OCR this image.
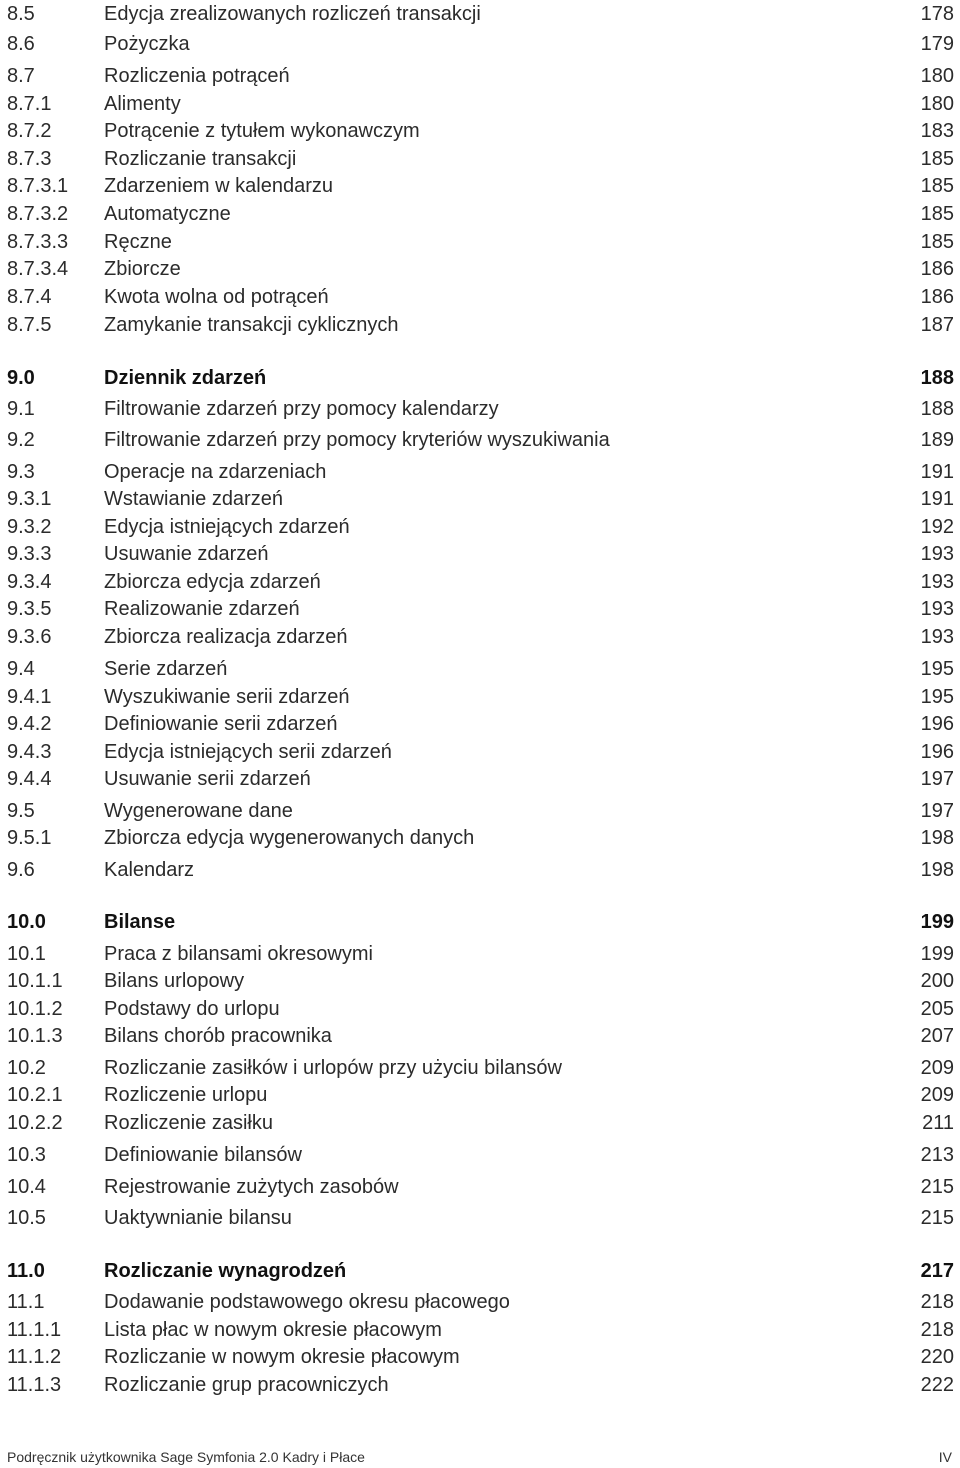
8.5	Edycja zrealizowanych rozliczeń transakcji	178
8.6	Pożyczka	179
8.7	Rozliczenia potrąceń	180
8.7.1	Alimenty	180
8.7.2	Potrącenie z tytułem wykonawczym	183
8.7.3	Rozliczanie transakcji	185
8.7.3.1 Zdarzeniem w kalendarzu	185
8.7.3.2 Automatyczne	185
8.7.3.3 Ręczne	185
8.7.3.4 Zbiorcze	186
8.7.4	Kwota wolna od potrąceń	186
8.7.5	Zamykanie transakcji cyklicznych	187
9.0	Dziennik zdarzeń	188
9.1	Filtrowanie zdarzeń przy pomocy kalendarzy	188
9.2	Filtrowanie zdarzeń przy pomocy kryteriów wyszukiwania	189
9.3	Operacje na zdarzeniach	191
9.3.1	Wstawianie zdarzeń	191
9.3.2	Edycja istniejących zdarzeń	192
9.3.3	Usuwanie zdarzeń	193
9.3.4	Zbiorcza edycja zdarzeń	193
9.3.5	Realizowanie zdarzeń	193
9.3.6	Zbiorcza realizacja zdarzeń	193
9.4	Serie zdarzeń	195
9.4.1	Wyszukiwanie serii zdarzeń	195
9.4.2	Definiowanie serii zdarzeń	196
9.4.3	Edycja istniejących serii zdarzeń	196
9.4.4	Usuwanie serii zdarzeń	197
9.5	Wygenerowane dane	197
9.5.1	Zbiorcza edycja wygenerowanych danych	198
9.6	Kalendarz	198
10.0	Bilanse	199
10.1	Praca z bilansami okresowymi	199
10.1.1 Bilans urlopowy	200
10.1.2 Podstawy do urlopu	205
10.1.3 Bilans chorób pracownika	207
10.2	Rozliczanie zasiłków i urlopów przy użyciu bilansów	209
10.2.1 Rozliczenie urlopu	209
10.2.2 Rozliczenie zasiłku	211
10.3	Definiowanie bilansów	213
10.4	Rejestrowanie zużytych zasobów	215
10.5	Uaktywnianie bilansu	215
11.0	Rozliczanie wynagrodzeń	217
11.1	Dodawanie podstawowego okresu płacowego	218
11.1.1 Lista płac w nowym okresie płacowym	218
11.1.2 Rozliczanie w nowym okresie płacowym	220
11.1.3 Rozliczanie grup pracowniczych	222
Podręcznik użytkownika Sage Symfonia 2.0 Kadry i Płace	IV
